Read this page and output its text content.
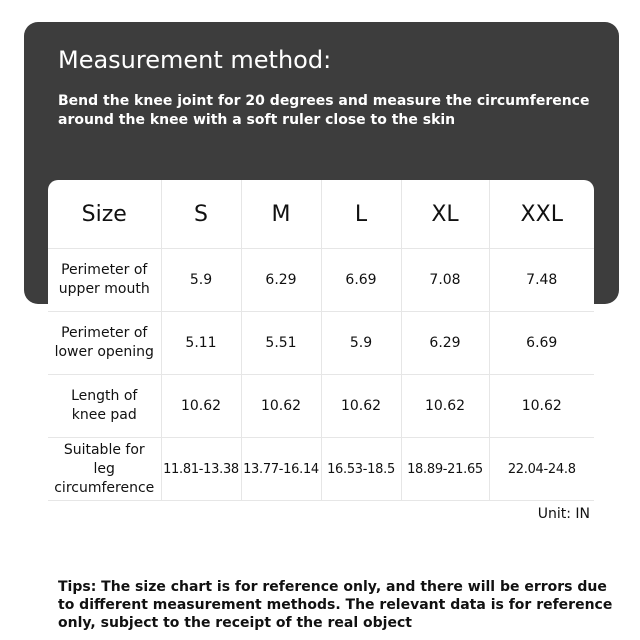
Measurement method:
Bend the knee joint for 20 degrees and measure the circumference around the knee with a soft ruler close to the skin
Size	S	M	L	XL	XXL
Perimeter of upper mouth	5.9	6.29	6.69	7.08	7.48
Perimeter of lower opening	5.11	5.51	5.9	6.29	6.69
Length of knee pad	10.62	10.62	10.62	10.62	10.62
Suitable for leg circumference	11.81-13.38	13.77-16.14	16.53-18.5	18.89-21.65	22.04-24.8
Unit: IN
Tips: The size chart is for reference only, and there will be errors due to different measurement methods. The relevant data is for reference only, subject to the receipt of the real object
